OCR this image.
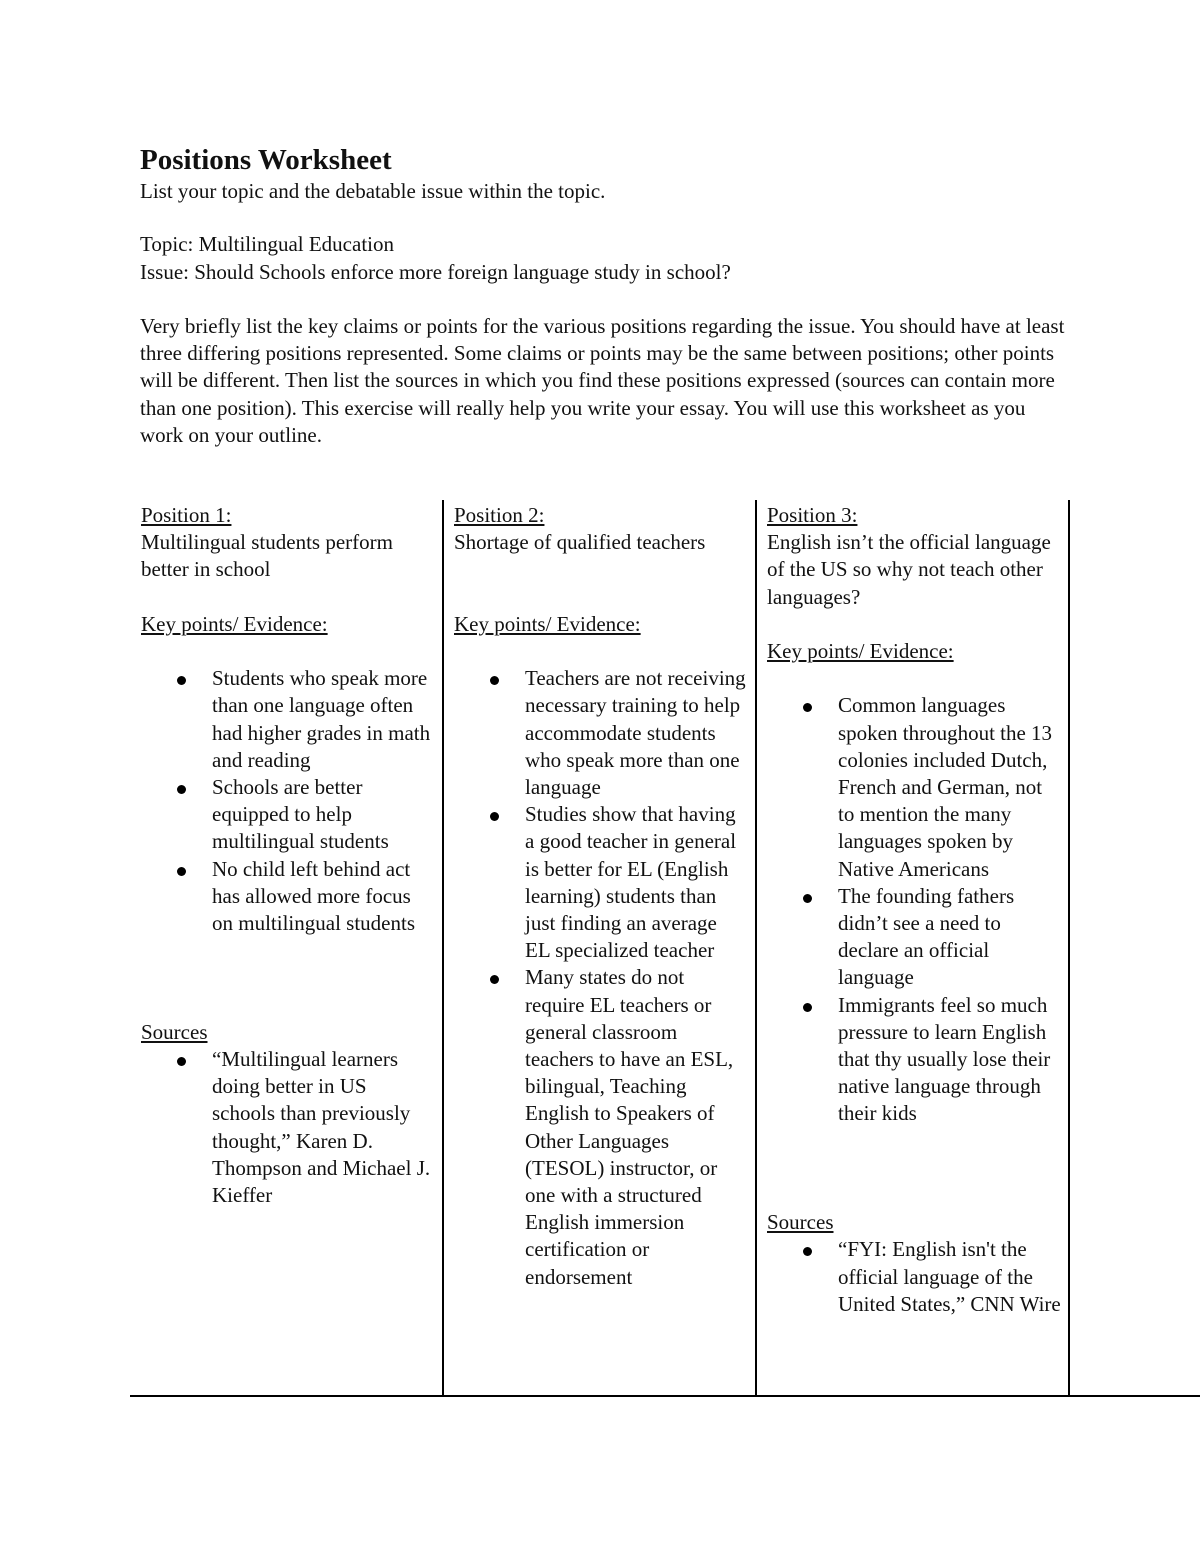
Positions Worksheet

List your topic and the debatable issue within the topic.

Topic: Multilingual Education

Issue: Should Schools enforce more foreign language study in school?

Very briefly list the key claims or points for the various positions regarding the issue. You should have at least three differing positions represented. Some claims or points may be the same between positions; other points will be different. Then list the sources in which you find these positions expressed (sources can contain more than one position). This exercise will really help you write your essay. You will use this worksheet as you work on your outline.

Position 1:
Multilingual students perform better in school
Key points/ Evidence:
Students who speak more than one language often had higher grades in math and reading
Schools are better equipped to help multilingual students
No child left behind act has allowed more focus on multilingual students
Sources
“Multilingual learners doing better in US schools than previously thought,” Karen D. Thompson and Michael J. Kieffer
Position 2:
Shortage of qualified teachers
Key points/ Evidence:
Teachers are not receiving necessary training to help accommodate students who speak more than one language
Studies show that having a good teacher in general is better for EL (English learning) students than just finding an average EL specialized teacher
Many states do not require EL teachers or general classroom teachers to have an ESL, bilingual, Teaching English to Speakers of Other Languages (TESOL) instructor, or one with a structured English immersion certification or endorsement
Position 3:
English isn’t the official language of the US so why not teach other languages?
Key points/ Evidence:
Common languages spoken throughout the 13 colonies included Dutch, French and German, not to mention the many languages spoken by Native Americans
The founding fathers didn’t see a need to declare an official language
Immigrants feel so much pressure to learn English that thy usually lose their native language through their kids
Sources
“FYI: English isn't the official language of the United States,” CNN Wire
